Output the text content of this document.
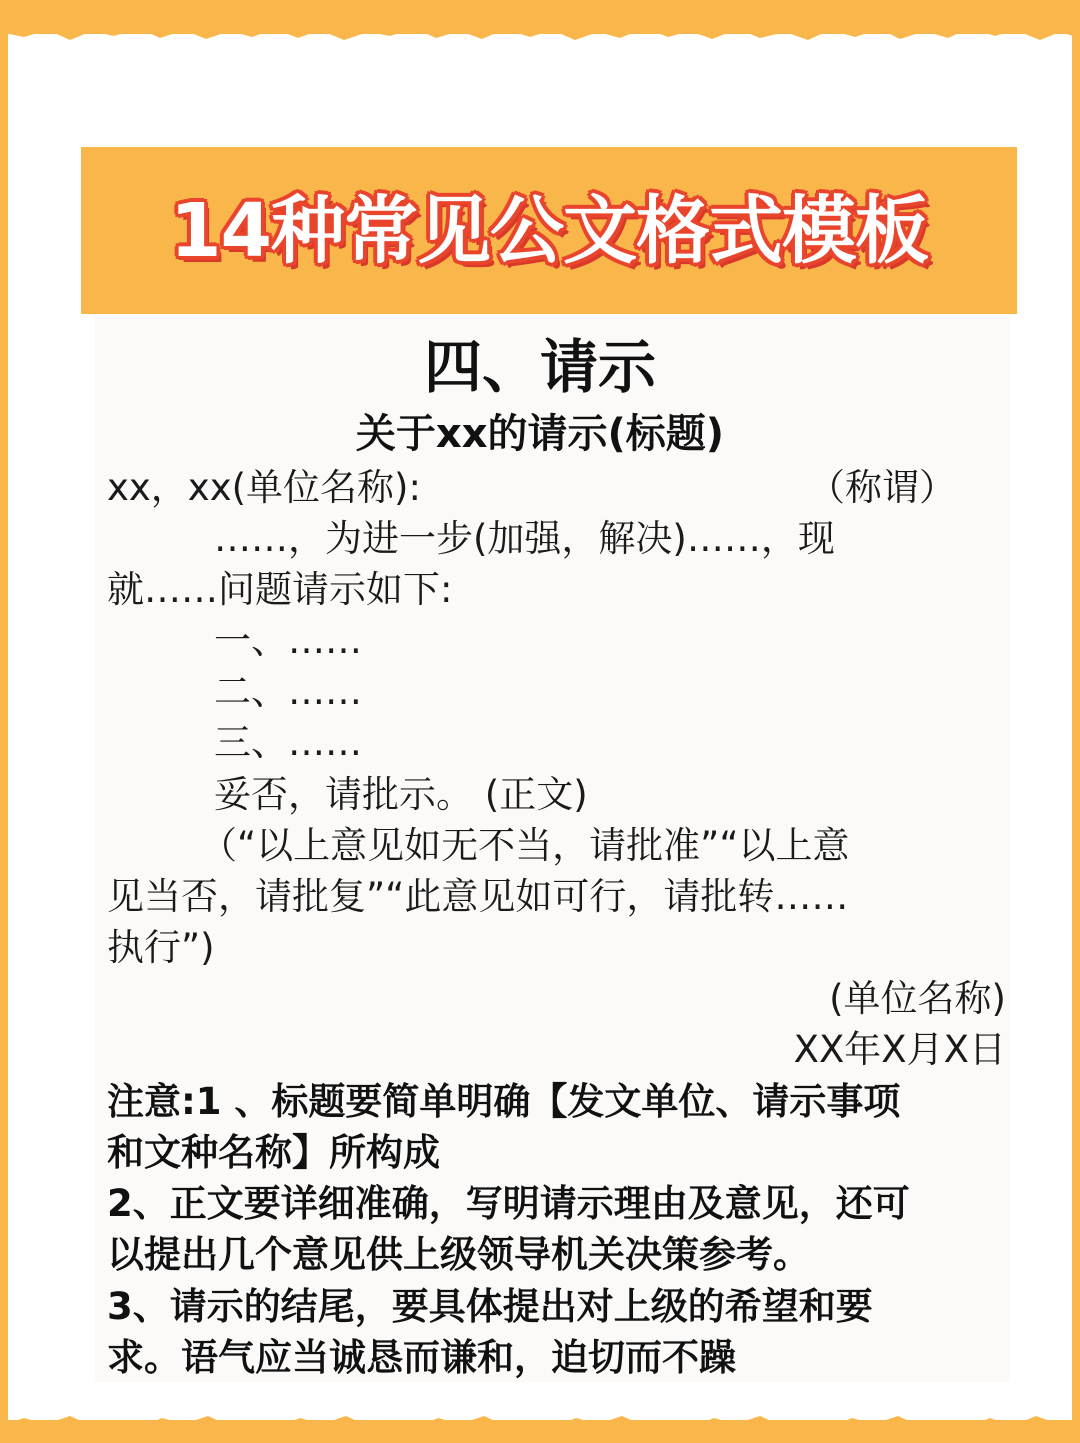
14种常见公文格式模板
四、请示
关于xx的请示(标题)
xx，xx(单位名称):	（称谓）
……，为进一步(加强，解决)……，现
就……问题请示如下:
一、……
二、……
三、……
妥否，请批示。 (正文)
（“以上意见如无不当，请批准”“以上意
见当否，请批复”“此意见如可行，请批转……
执行”)
(单位名称)
XX年X月X日
注意:1 、标题要简单明确【发文单位、请示事项
和文种名称】所构成
2、正文要详细准确，写明请示理由及意见，还可
以提出几个意见供上级领导机关决策参考。
3、请示的结尾，要具体提出对上级的希望和要
求。语气应当诚恳而谦和，迫切而不躁
